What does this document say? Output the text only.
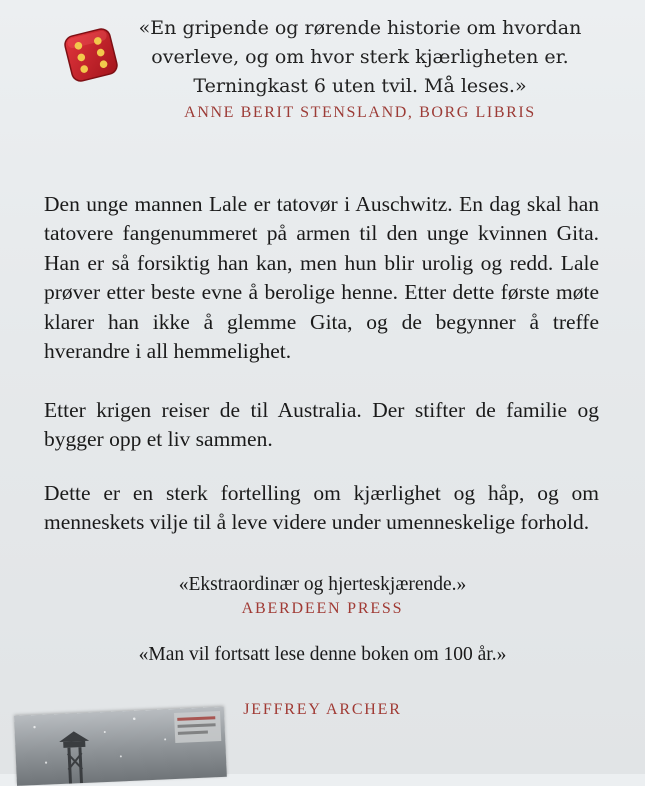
«En gripende og rørende historie om hvordan overleve, og om hvor sterk kjærligheten er. Terningkast 6 uten tvil. Må leses.»
ANNE BERIT STENSLAND, BORG LIBRIS

Den unge mannen Lale er tatovør i Auschwitz. En dag skal han tatovere fangenummeret på armen til den unge kvinnen Gita. Han er så forsiktig han kan, men hun blir urolig og redd. Lale prøver etter beste evne å berolige henne. Etter dette første møte klarer han ikke å glemme Gita, og de begynner å treffe hverandre i all hemmelighet.

Etter krigen reiser de til Australia. Der stifter de familie og bygger opp et liv sammen.

Dette er en sterk fortelling om kjærlighet og håp, og om menneskets vilje til å leve videre under umenneskelige forhold.

«Ekstraordinær og hjerteskjærende.»
ABERDEEN PRESS
«Man vil fortsatt lese denne boken om 100 år.»
JEFFREY ARCHER
